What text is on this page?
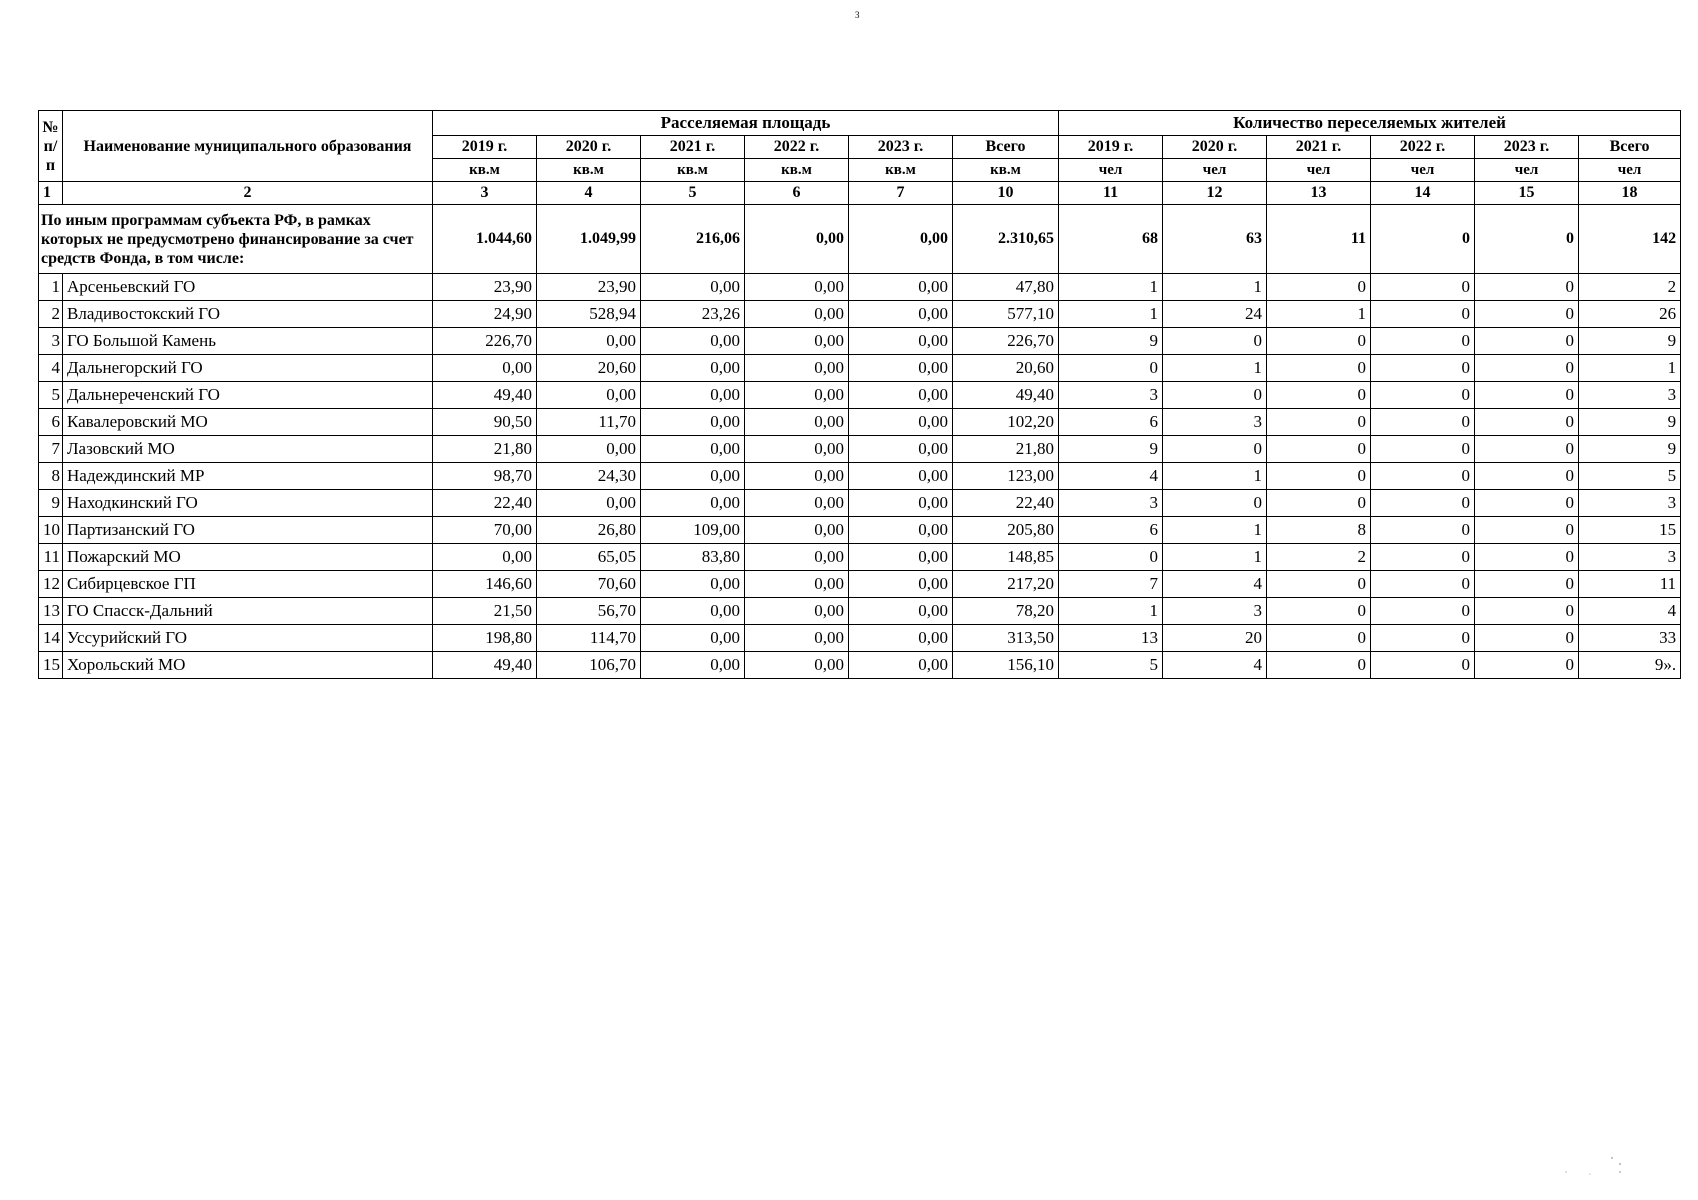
3
№ п/п	Наименование муниципального образования	Расселяемая площадь						Количество переселяемых жителей					
		2019 г.	2020 г.	2021 г.	2022 г.	2023 г.	Всего	2019 г.	2020 г.	2021 г.	2022 г.	2023 г.	Всего
		кв.м	кв.м	кв.м	кв.м	кв.м	кв.м	чел	чел	чел	чел	чел	чел
1	2	3	4	5	6	7	10	11	12	13	14	15	18
По иным программам субъекта РФ, в рамках которых не предусмотрено финансирование за счет средств Фонда, в том числе:		1.044,60	1.049,99	216,06	0,00	0,00	2.310,65	68	63	11	0	0	142
1	Арсеньевский ГО	23,90	23,90	0,00	0,00	0,00	47,80	1	1	0	0	0	2
2	Владивостокский ГО	24,90	528,94	23,26	0,00	0,00	577,10	1	24	1	0	0	26
3	ГО Большой Камень	226,70	0,00	0,00	0,00	0,00	226,70	9	0	0	0	0	9
4	Дальнегорский ГО	0,00	20,60	0,00	0,00	0,00	20,60	0	1	0	0	0	1
5	Дальнереченский ГО	49,40	0,00	0,00	0,00	0,00	49,40	3	0	0	0	0	3
6	Кавалеровский МО	90,50	11,70	0,00	0,00	0,00	102,20	6	3	0	0	0	9
7	Лазовский МО	21,80	0,00	0,00	0,00	0,00	21,80	9	0	0	0	0	9
8	Надеждинский МР	98,70	24,30	0,00	0,00	0,00	123,00	4	1	0	0	0	5
9	Находкинский ГО	22,40	0,00	0,00	0,00	0,00	22,40	3	0	0	0	0	3
10	Партизанский ГО	70,00	26,80	109,00	0,00	0,00	205,80	6	1	8	0	0	15
11	Пожарский МО	0,00	65,05	83,80	0,00	0,00	148,85	0	1	2	0	0	3
12	Сибирцевское ГП	146,60	70,60	0,00	0,00	0,00	217,20	7	4	0	0	0	11
13	ГО Спасск-Дальний	21,50	56,70	0,00	0,00	0,00	78,20	1	3	0	0	0	4
14	Уссурийский ГО	198,80	114,70	0,00	0,00	0,00	313,50	13	20	0	0	0	33
15	Хорольский МО	49,40	106,70	0,00	0,00	0,00	156,10	5	4	0	0	0	9».
